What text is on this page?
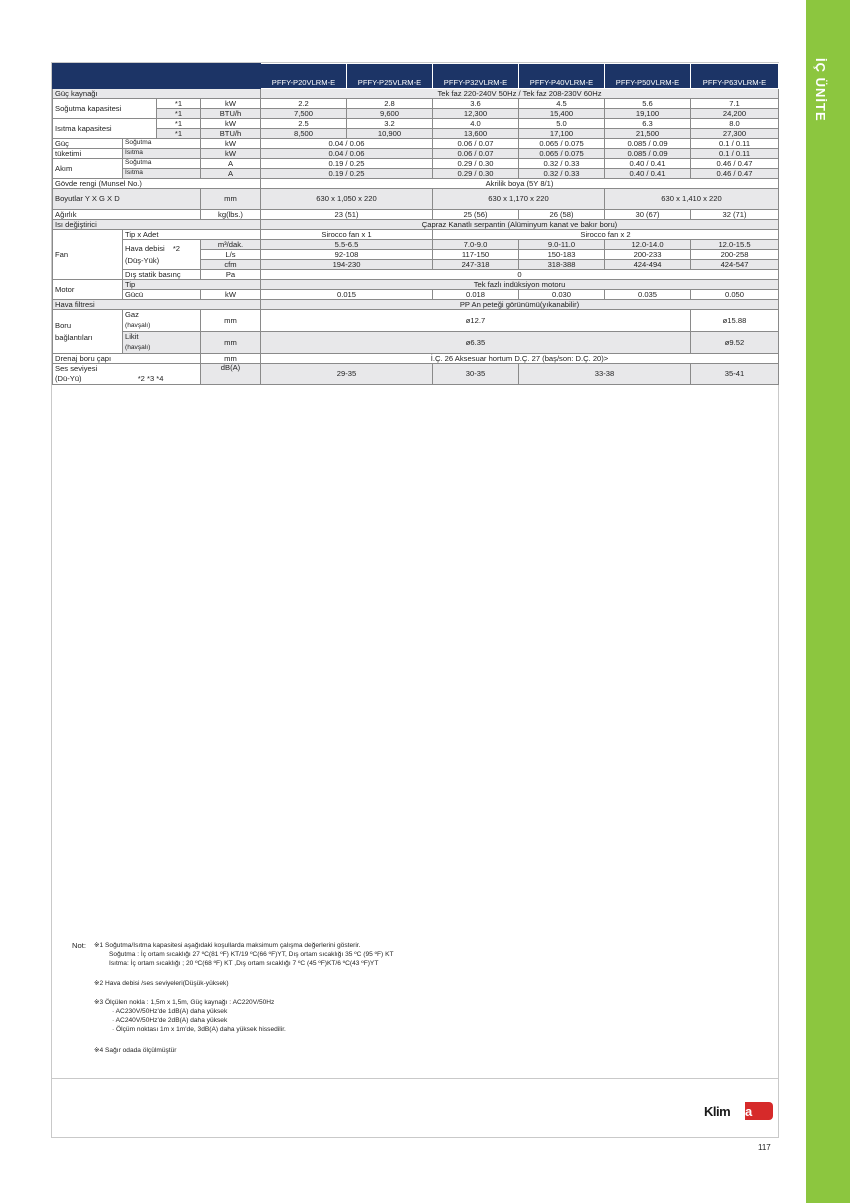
İÇ ÜNİTE
				PFFY-P20VLRM-E	PFFY-P25VLRM-E	PFFY-P32VLRM-E	PFFY-P40VLRM-E	PFFY-P50VLRM-E	PFFY-P63VLRM-E
Güç kaynağı				Tek faz 220-240V 50Hz / Tek faz 208-230V 60Hz					
Soğutma kapasitesi		*1	kW	2.2	2.8	3.6	4.5	5.6	7.1
		*1	BTU/h	7,500	9,600	12,300	15,400	19,100	24,200
Isıtma kapasitesi		*1	kW	2.5	3.2	4.0	5.0	6.3	8.0
		*1	BTU/h	8,500	10,900	13,600	17,100	21,500	27,300
Güç	Soğutma		kW	0.04 / 0.06		0.06 / 0.07	0.065 / 0.075	0.085 / 0.09	0.1 / 0.11
tüketimi	Isıtma		kW	0.04 / 0.06		0.06 / 0.07	0.065 / 0.075	0.085 / 0.09	0.1 / 0.11
Akım	Soğutma		A	0.19 / 0.25		0.29 / 0.30	0.32 / 0.33	0.40 / 0.41	0.46 / 0.47
	Isıtma		A	0.19 / 0.25		0.29 / 0.30	0.32 / 0.33	0.40 / 0.41	0.46 / 0.47
Gövde rengi (Munsel No.)				Akrilik boya (5Y 8/1)					
Boyutlar Y X G X D			mm	630 x 1,050 x 220		630 x 1,170 x 220		630 x 1,410 x 220	
Ağırlık			kg(lbs.)	23 (51)		25 (56)	26 (58)	30 (67)	32 (71)
Isı değiştirici				Çapraz Kanatlı serpantin (Alüminyum kanat ve bakır boru)					
Fan	Tip x Adet			Sirocco fan x 1		Sirocco fan x 2			
	Hava debisi *2
(Düş-Yük)		m³/dak.	5.5-6.5		7.0-9.0	9.0-11.0	12.0-14.0	12.0-15.5
			L/s	92-108		117-150	150-183	200-233	200-258
			cfm	194-230		247-318	318-388	424-494	424-547
	Dış statik basınç		Pa	0					
Motor	Tip			Tek fazlı indüksiyon motoru					
	Gücü		kW	0.015		0.018	0.030	0.035	0.050
Hava filtresi				PP An peteği görünümü(yıkanabilir)					
Boru
bağlantıları	Gaz
(havşalı)		mm	ø12.7					ø15.88
	Likit
(havşalı)		mm	ø6.35					ø9.52
Drenaj boru çapı			mm	İ.Ç. 26 Aksesuar hortum D.Ç. 27 (baş/son: D.Ç. 20)>					
Ses seviyesi
(Dü-Yü) *2 *3 *4			dB(A)	29-35		30-35	33-38		35-41
Not: ※1 Soğutma/Isıtma kapasitesi aşağıdaki koşullarda maksimum çalışma değerlerini gösterir.
Soğutma : İç ortam sıcaklığı 27 ºC(81 ºF) KT/19 ºC(66 ºF)YT, Dış ortam sıcaklığı 35 ºC (95 ºF) KT
Isıtma: İç ortam sıcaklığı ; 20 ºC(68 ºF) KT ,Dış ortam sıcaklığı 7 ºC (45 ºF)KT/6 ºC(43 ºF)YT
※2 Hava debisi /ses seviyeleri(Düşük-yüksek)
※3 Ölçülen nokla : 1,5m x 1,5m, Güç kaynağı : AC220V/50Hz
· AC230V/50Hz'de 1dB(A) daha yüksek
· AC240V/50Hz'de 2dB(A) daha yüksek
· Ölçüm noktası 1m x 1m'de, 3dB(A) daha yüksek hissedilir.
※4 Sağır odada ölçülmüştür
Klim a
PLUS
117
